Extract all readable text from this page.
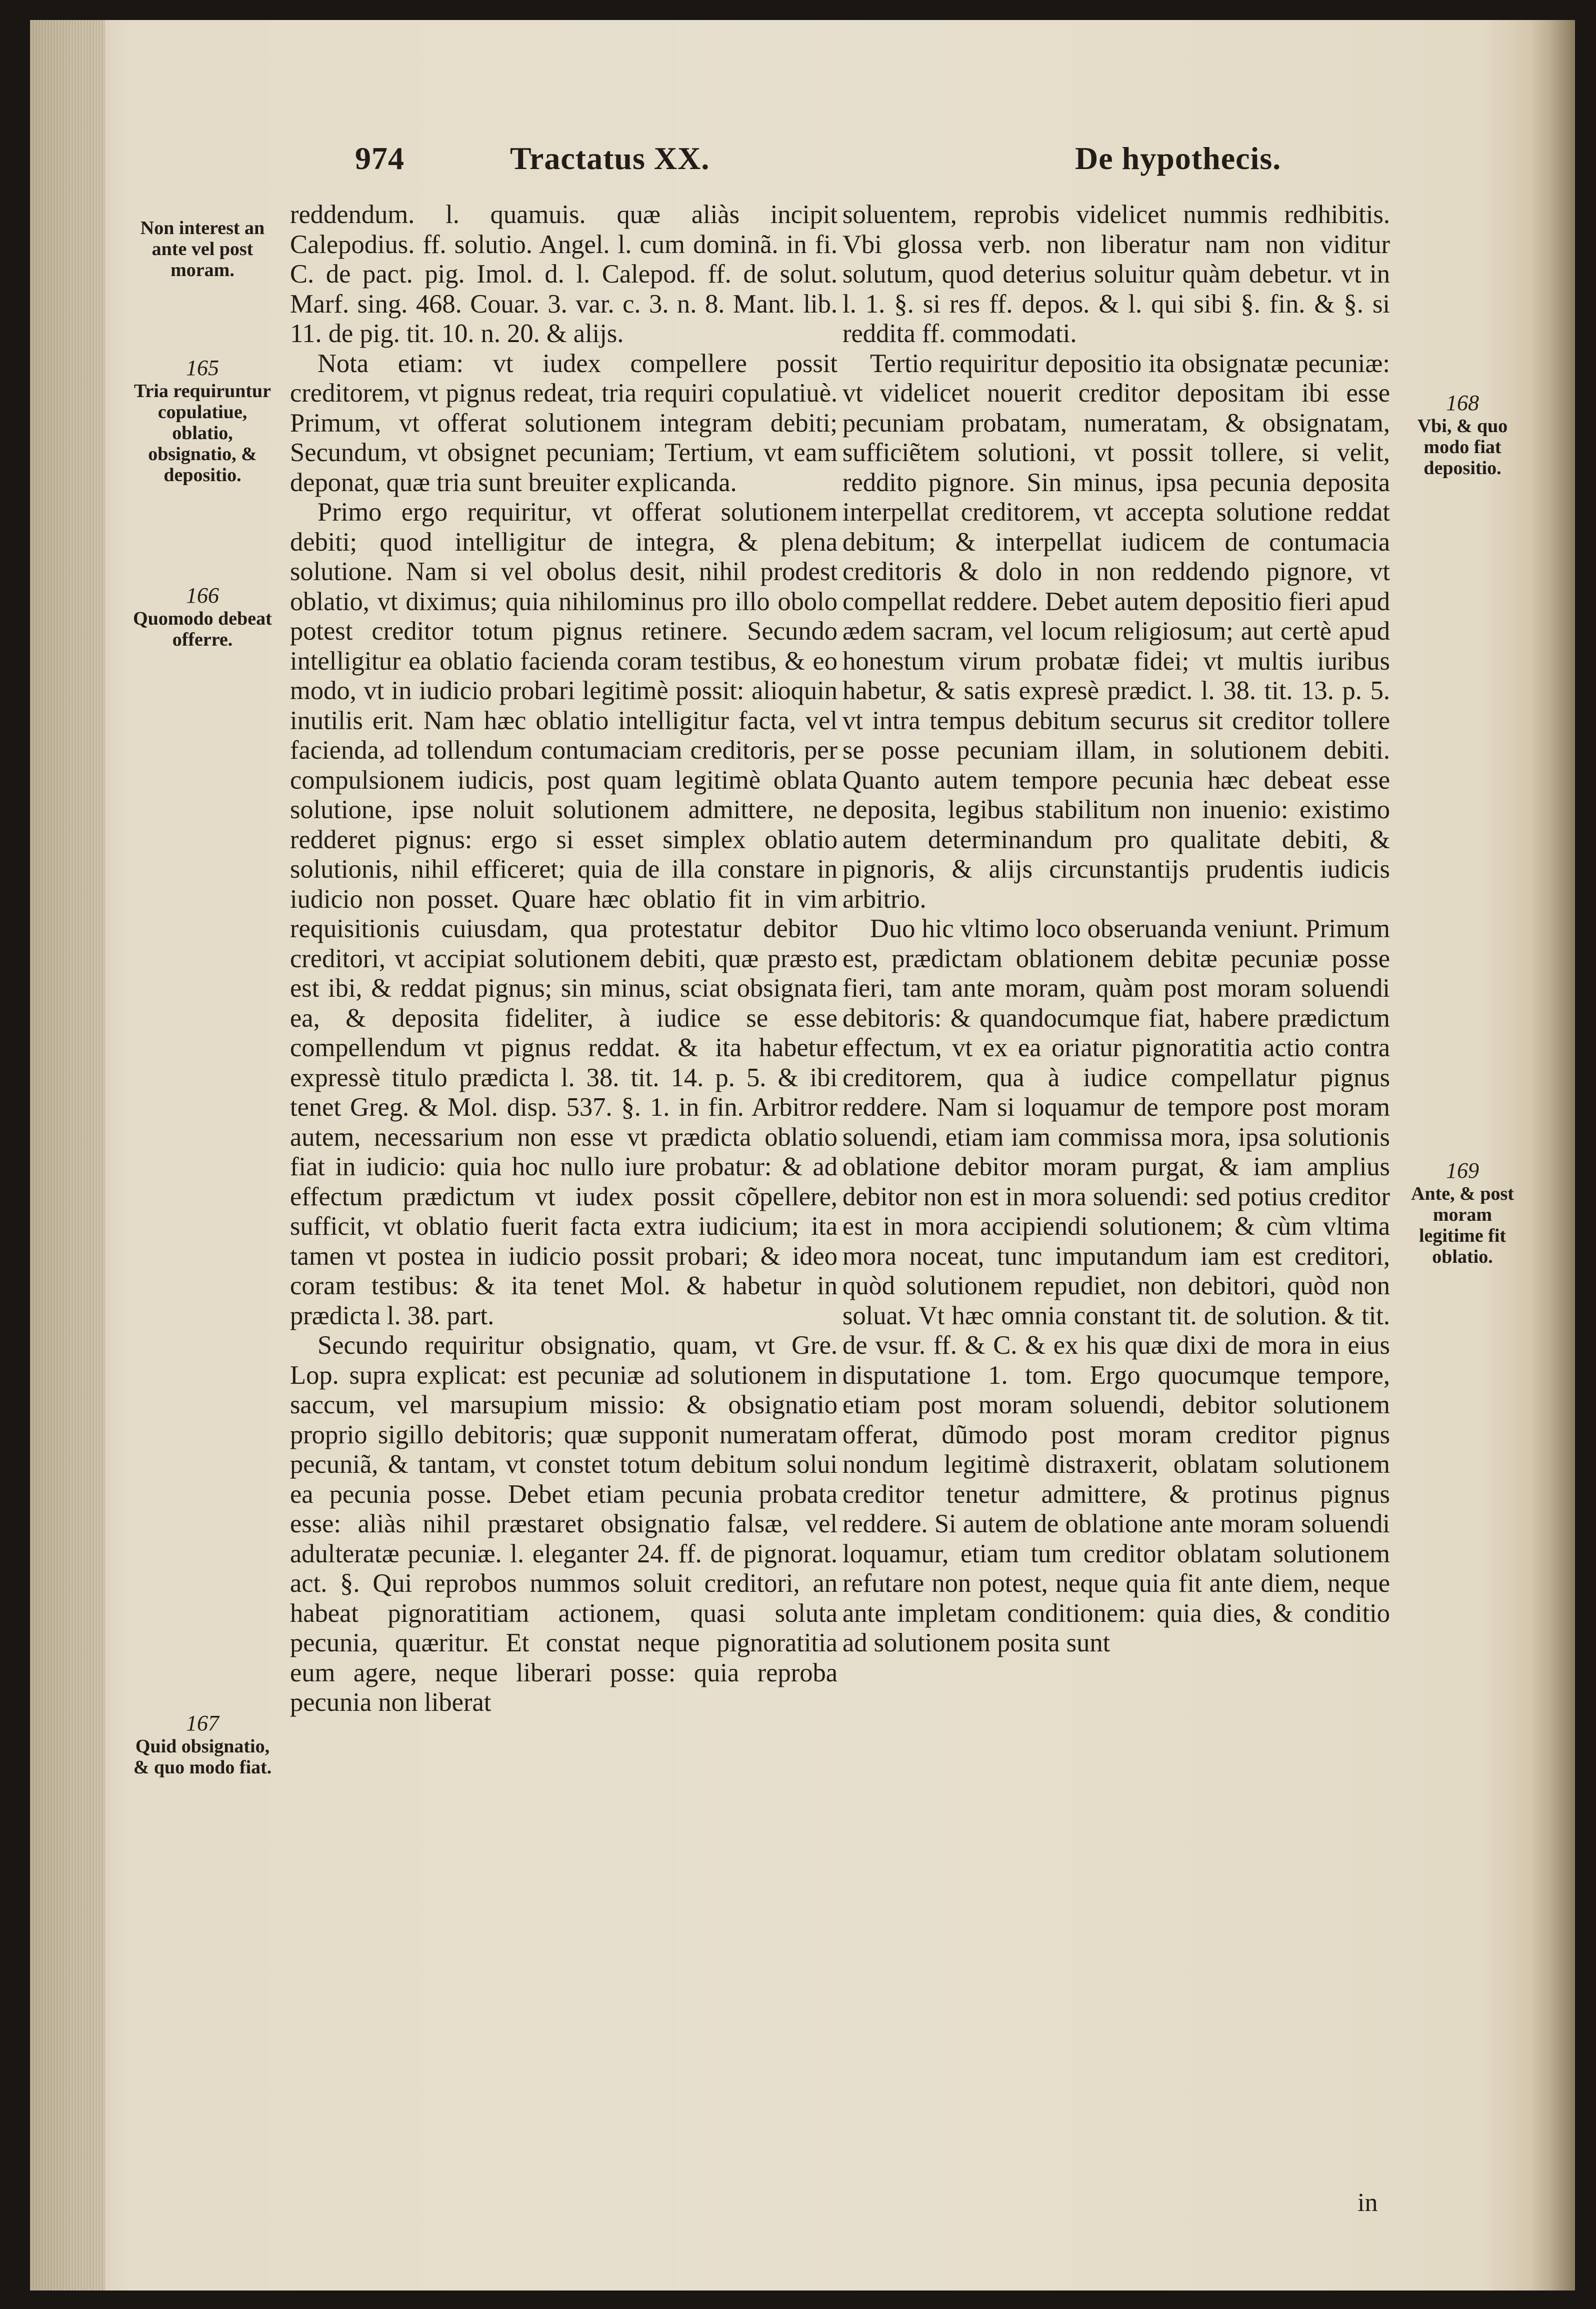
974	Tractatus XX.	De hypothecis.
Non interest an ante vel post moram.
165
Tria requiruntur copulatiue, oblatio, obsignatio, & depositio.
166
Quomodo debeat offerre.
167
Quid obsignatio, & quo modo fiat.
168
Vbi, & quo modo fiat depositio.
169
Ante, & post moram legitime fit oblatio.

reddendum. l. quamuis. quæ aliàs incipit Calepodius. ff. solutio. Angel. l. cum dominã. in fi. C. de pact. pig. Imol. d. l. Calepod. ff. de solut. Marf. sing. 468. Couar. 3. var. c. 3. n. 8. Mant. lib. 11. de pig. tit. 10. n. 20. & alijs.

Nota etiam: vt iudex compellere possit creditorem, vt pignus redeat, tria requiri copulatiuè. Primum, vt offerat solutionem integram debiti; Secundum, vt obsignet pecuniam; Tertium, vt eam deponat, quæ tria sunt breuiter explicanda.

Primo ergo requiritur, vt offerat solutionem debiti; quod intelligitur de integra, & plena solutione. Nam si vel obolus desit, nihil prodest oblatio, vt diximus; quia nihilominus pro illo obolo potest creditor totum pignus retinere. Secundo intelligitur ea oblatio facienda coram testibus, & eo modo, vt in iudicio probari legitimè possit: alioquin inutilis erit. Nam hæc oblatio intelligitur facta, vel facienda, ad tollendum contumaciam creditoris, per compulsionem iudicis, post quam legitimè oblata solutione, ipse noluit solutionem admittere, ne redderet pignus: ergo si esset simplex oblatio solutionis, nihil efficeret; quia de illa constare in iudicio non posset. Quare hæc oblatio fit in vim requisitionis cuiusdam, qua protestatur debitor creditori, vt accipiat solutionem debiti, quæ præsto est ibi, & reddat pignus; sin minus, sciat obsignata ea, & deposita fideliter, à iudice se esse compellendum vt pignus reddat. & ita habetur expressè titulo prædicta l. 38. tit. 14. p. 5. & ibi tenet Greg. & Mol. disp. 537. §. 1. in fin. Arbitror autem, necessarium non esse vt prædicta oblatio fiat in iudicio: quia hoc nullo iure probatur: & ad effectum prædictum vt iudex possit cõpellere, sufficit, vt oblatio fuerit facta extra iudicium; ita tamen vt postea in iudicio possit probari; & ideo coram testibus: & ita tenet Mol. & habetur in prædicta l. 38. part.

Secundo requiritur obsignatio, quam, vt Gre. Lop. supra explicat: est pecuniæ ad solutionem in saccum, vel marsupium missio: & obsignatio proprio sigillo debitoris; quæ supponit numeratam pecuniã, & tantam, vt constet totum debitum solui ea pecunia posse. Debet etiam pecunia probata esse: aliàs nihil præstaret obsignatio falsæ, vel adulteratæ pecuniæ. l. eleganter 24. ff. de pignorat. act. §. Qui reprobos nummos soluit creditori, an habeat pignoratitiam actionem, quasi soluta pecunia, quæritur. Et constat neque pignoratitia eum agere, neque liberari posse: quia reproba pecunia non liberat

soluentem, reprobis videlicet nummis redhibitis. Vbi glossa verb. non liberatur nam non viditur solutum, quod deterius soluitur quàm debetur. vt in l. 1. §. si res ff. depos. & l. qui sibi §. fin. & §. si reddita ff. commodati.

Tertio requiritur depositio ita obsignatæ pecuniæ: vt videlicet nouerit creditor depositam ibi esse pecuniam probatam, numeratam, & obsignatam, sufficiẽtem solutioni, vt possit tollere, si velit, reddito pignore. Sin minus, ipsa pecunia deposita interpellat creditorem, vt accepta solutione reddat debitum; & interpellat iudicem de contumacia creditoris & dolo in non reddendo pignore, vt compellat reddere. Debet autem depositio fieri apud ædem sacram, vel locum religiosum; aut certè apud honestum virum probatæ fidei; vt multis iuribus habetur, & satis expresè prædict. l. 38. tit. 13. p. 5. vt intra tempus debitum securus sit creditor tollere se posse pecuniam illam, in solutionem debiti. Quanto autem tempore pecunia hæc debeat esse deposita, legibus stabilitum non inuenio: existimo autem determinandum pro qualitate debiti, & pignoris, & alijs circunstantijs prudentis iudicis arbitrio.

Duo hic vltimo loco obseruanda veniunt. Primum est, prædictam oblationem debitæ pecuniæ posse fieri, tam ante moram, quàm post moram soluendi debitoris: & quandocumque fiat, habere prædictum effectum, vt ex ea oriatur pignoratitia actio contra creditorem, qua à iudice compellatur pignus reddere. Nam si loquamur de tempore post moram soluendi, etiam iam commissa mora, ipsa solutionis oblatione debitor moram purgat, & iam amplius debitor non est in mora soluendi: sed potius creditor est in mora accipiendi solutionem; & cùm vltima mora noceat, tunc imputandum iam est creditori, quòd solutionem repudiet, non debitori, quòd non soluat. Vt hæc omnia constant tit. de solution. & tit. de vsur. ff. & C. & ex his quæ dixi de mora in eius disputatione 1. tom. Ergo quocumque tempore, etiam post moram soluendi, debitor solutionem offerat, dũmodo post moram creditor pignus nondum legitimè distraxerit, oblatam solutionem creditor tenetur admittere, & protinus pignus reddere. Si autem de oblatione ante moram soluendi loquamur, etiam tum creditor oblatam solutionem refutare non potest, neque quia fit ante diem, neque ante impletam conditionem: quia dies, & conditio ad solutionem posita sunt

in
